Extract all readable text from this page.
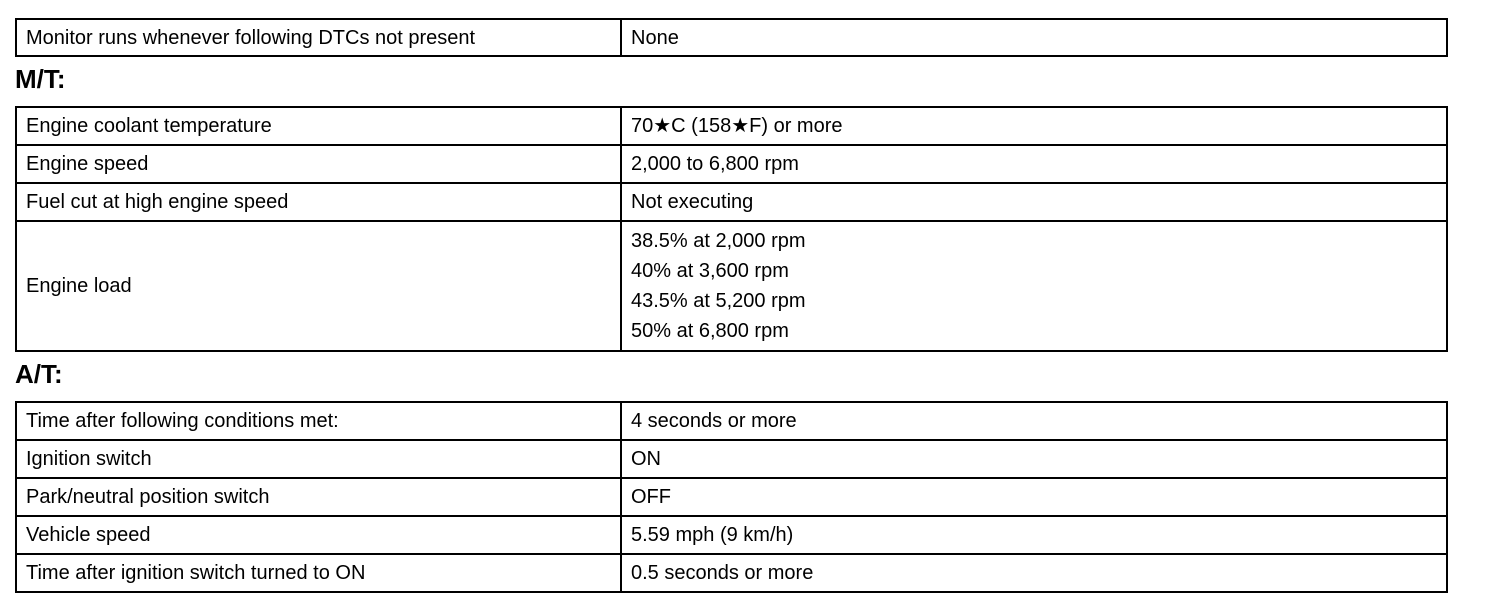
Monitor runs whenever following DTCs not present	None
M/T:
Engine coolant temperature	70★C (158★F) or more
Engine speed	2,000 to 6,800 rpm
Fuel cut at high engine speed	Not executing
Engine load	38.5% at 2,000 rpm
40% at 3,600 rpm
43.5% at 5,200 rpm
50% at 6,800 rpm
A/T:
Time after following conditions met:	4 seconds or more
Ignition switch	ON
Park/neutral position switch	OFF
Vehicle speed	5.59 mph (9 km/h)
Time after ignition switch turned to ON	0.5 seconds or more
